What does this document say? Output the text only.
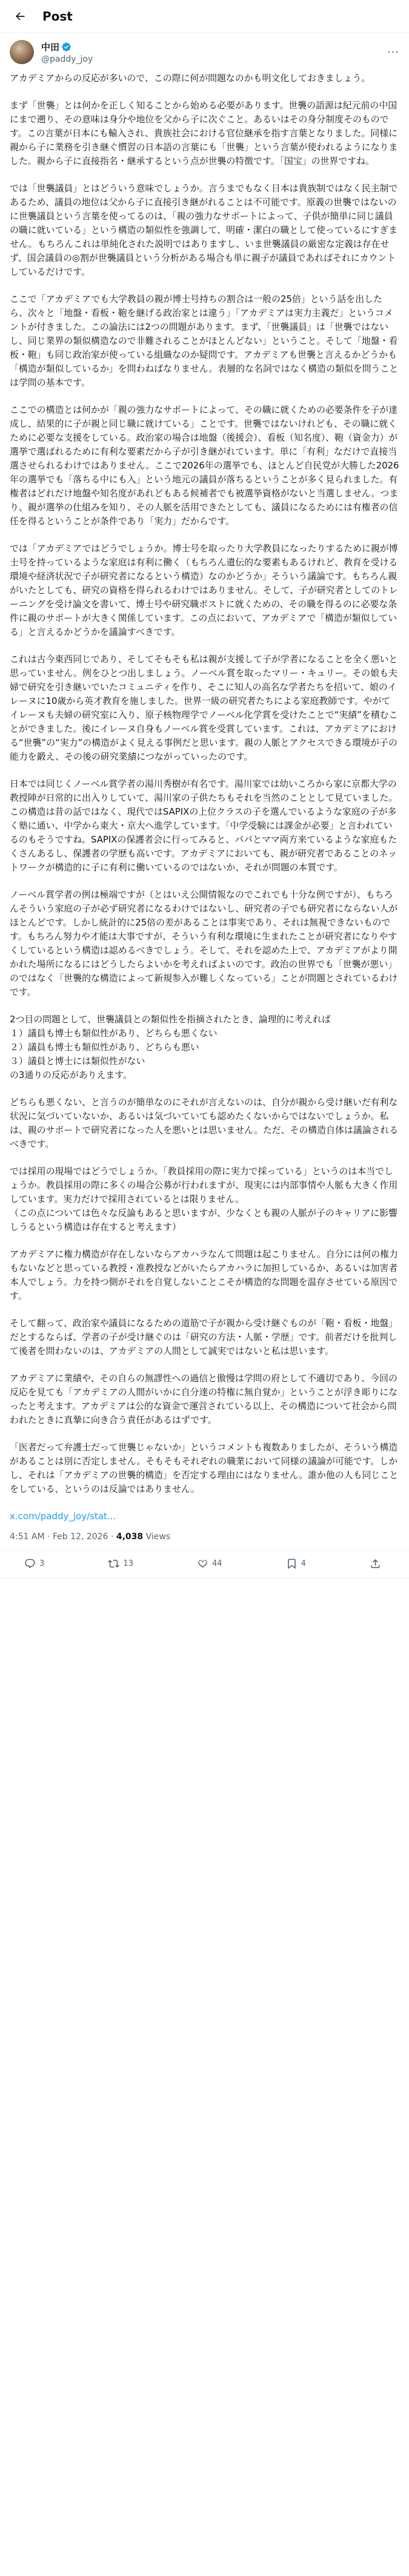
Post
中田
@paddy_joy
···

アカデミアからの反応が多いので、この際に何が問題なのかも明文化しておきましょう。

まず「世襲」とは何かを正しく知ることから始める必要があります。世襲の語源は紀元前の中国にまで遡り、その意味は身分や地位を父から子に次ぐこと。あるいはその身分制度そのものです。この言葉が日本にも輸入され、貴族社会における官位継承を指す言葉となりました。同様に親から子に業務を引き継ぐ慣習の日本語の言葉にも「世襲」という言葉が使われるようになりました。親から子に直接指名・継承するという点が世襲の特徴です。「国宝」の世界ですね。

では「世襲議員」とはどういう意味でしょうか。言うまでもなく日本は貴族制ではなく民主制であるため、議員の地位は父から子に直接引き継がれることは不可能です。原義の世襲ではないのに世襲議員という言葉を使ってるのは、「親の強力なサポートによって、子供が簡単に同じ議員の職に就いている」という構造の類似性を強調して、明確・潔白の職として使っているにすぎません。もちろんこれは単純化された説明ではありますし、いま世襲議員の厳密な定義は存在せず、国会議員の◎割が世襲議員という分析がある場合も単に親子が議員であればそれにカウントしているだけです。

ここで「アカデミアでも大学教員の親が博士号持ちの割合は一般の25倍」という話を出したら、次々と「地盤・看板・鞄を継げる政治家とは違う」「アカデミアは実力主義だ」というコメントが付きました。この論法には2つの問題があります。まず、「世襲議員」は「世襲ではないし、同じ業界の類似構造なので非難されることがほとんどない」ということ。そして「地盤・看板・鞄」も同じ政治家が使っている組織なのか疑問です。アカデミアも世襲と言えるかどうかも「構造が類似しているか」を問わねばなりません。表層的な名詞ではなく構造の類似を問うことは学問の基本です。

ここでの構造とは何かが「親の強力なサポートによって、その職に就くための必要条件を子が達成し、結果的に子が親と同じ職に就けている」ことです。世襲ではないけれども、その職に就くために必要な支援をしている。政治家の場合は地盤（後援会）、看板（知名度）、鞄（資金力）が選挙で選ばれるために有利な要素だから子が引き継がれています。単に「有利」なだけで直接当選させられるわけではありません。ここで2026年の選挙でも、ほとんど自民党が大勝した2026年の選挙でも「落ちる中にも入」という地元の議員が落ちるということが多く見られました。有権者はどれだけ地盤や知名度があれどもある候補者でも被選挙資格がないと当選しません。つまり、親が選挙の仕組みを知り、その人脈を活用できたとしても、議員になるためには有権者の信任を得るということが条件であり「実力」だからです。

では「アカデミアではどうでしょうか。博士号を取ったり大学教員になったりするために親が博士号を持っているような家庭は有利に働く（もちろん遺伝的な要素もあるけれど、教育を受ける環境や経済状況で子が研究者になるという構造）なのかどうか」そういう議論です。もちろん親がいたとしても、研究の資格を得られるわけではありません。そして、子が研究者としてのトレーニングを受け論文を書いて、博士号や研究職ポストに就くための、その職を得るのに必要な条件に親のサポートが大きく関係しています。この点において、アカデミアで「構造が類似している」と言えるかどうかを議論すべきです。

これは古今東西同じであり、そしてそもそも私は親が支援して子が学者になることを全く悪いと思っていません。例をひとつ出しましょう。ノーベル賞を取ったマリー・キュリー。その娘も夫婦で研究を引き継いでいたコミュニティを作り、そこに知人の高名な学者たちを招いて、娘のイレーヌに10歳から英才教育を施しました。世界一級の研究者たちによる家庭教師です。やがてイレーヌも夫婦の研究室に入り、原子核物理学でノーベル化学賞を受けたことで“実績”を積むことができました。後にイレーヌ自身もノーベル賞を受賞しています。これは、アカデミアにおける“世襲”の“実力”の構造がよく見える事例だと思います。親の人脈とアクセスできる環境が子の能力を鍛え、その後の研究業績につながっていったのです。

日本では同じくノーベル賞学者の湯川秀樹が有名です。湯川家では幼いころから家に京都大学の教授陣が日常的に出入りしていて、湯川家の子供たちもそれを当然のこととして見ていました。この構造は昔の話ではなく、現代ではSAPIXの上位クラスの子を選んでいるような家庭の子が多く塾に通い、中学から東大・京大へ進学しています。「中学受験には課金が必要」と言われているのもそうですね。SAPIXの保護者会に行ってみると、パパとママ両方来ているような家庭もたくさんあるし、保護者の学歴も高いです。アカデミアにおいても、親が研究者であることのネットワークが構造的に子に有利に働いているのではないか、それが問題の本質です。

ノーベル賞学者の例は極端ですが（とはいえ公開情報なのでこれでも十分な例ですが）、もちろんそういう家庭の子が必ず研究者になるわけではないし、研究者の子でも研究者にならない人がほとんどです。しかし統計的に25倍の差があることは事実であり、それは無視できないものです。もちろん努力や才能は大事ですが、そういう有利な環境に生まれたことが研究者になりやすくしているという構造は認めるべきでしょう。そして、それを認めた上で、アカデミアがより開かれた場所になるにはどうしたらよいかを考えればよいのです。政治の世界でも「世襲が悪い」のではなく「世襲的な構造によって新規参入が難しくなっている」ことが問題とされているわけです。

2つ目の問題として、世襲議員との類似性を指摘されたとき、論理的に考えれば
１）議員も博士も類似性があり、どちらも悪くない
２）議員も博士も類似性があり、どちらも悪い
３）議員と博士には類似性がない
の3通りの反応がありえます。

どちらも悪くない、と言うのが簡単なのにそれが言えないのは、自分が親から受け継いだ有利な状況に気づいていないか、あるいは気づいていても認めたくないからではないでしょうか。私は、親のサポートで研究者になった人を悪いとは思いません。ただ、その構造自体は議論されるべきです。

では採用の現場ではどうでしょうか。「教員採用の際に実力で採っている」というのは本当でしょうか。教員採用の際に多くの場合公募が行われますが、現実には内部事情や人脈も大きく作用しています。実力だけで採用されているとは限りません。
（この点については色々な反論もあると思いますが、少なくとも親の人脈が子のキャリアに影響しうるという構造は存在すると考えます）

アカデミアに権力構造が存在しないならアカハラなんて問題は起こりません。自分には何の権力もないなどと思っている教授・准教授などがいたらアカハラに加担しているか、あるいは加害者本人でしょう。力を持つ側がそれを自覚しないことこそが構造的な問題を温存させている原因です。

そして翻って、政治家や議員になるための道筋で子が親から受け継ぐものが「鞄・看板・地盤」だとするならば、学者の子が受け継ぐのは「研究の方法・人脈・学歴」です。前者だけを批判して後者を問わないのは、アカデミアの人間として誠実ではないと私は思います。

アカデミアに業績や、その自らの無謬性への過信と傲慢は学問の府として不適切であり、今回の反応を見ても「アカデミアの人間がいかに自分達の特権に無自覚か」ということが浮き彫りになったと考えます。アカデミアは公的な資金で運営されている以上、その構造について社会から問われたときに真摯に向き合う責任があるはずです。

「医者だって弁護士だって世襲じゃないか」というコメントも複数ありましたが、そういう構造があることは別に否定しません。そもそもそれぞれの職業において同様の議論が可能です。しかし、それは「アカデミアの世襲的構造」を否定する理由にはなりません。誰か他の人も同じことをしている、というのは反論ではありません。

x.com/paddy_joy/stat...
4:51 AM · Feb 12, 2026 · 4,038 Views
3	13	44	4
